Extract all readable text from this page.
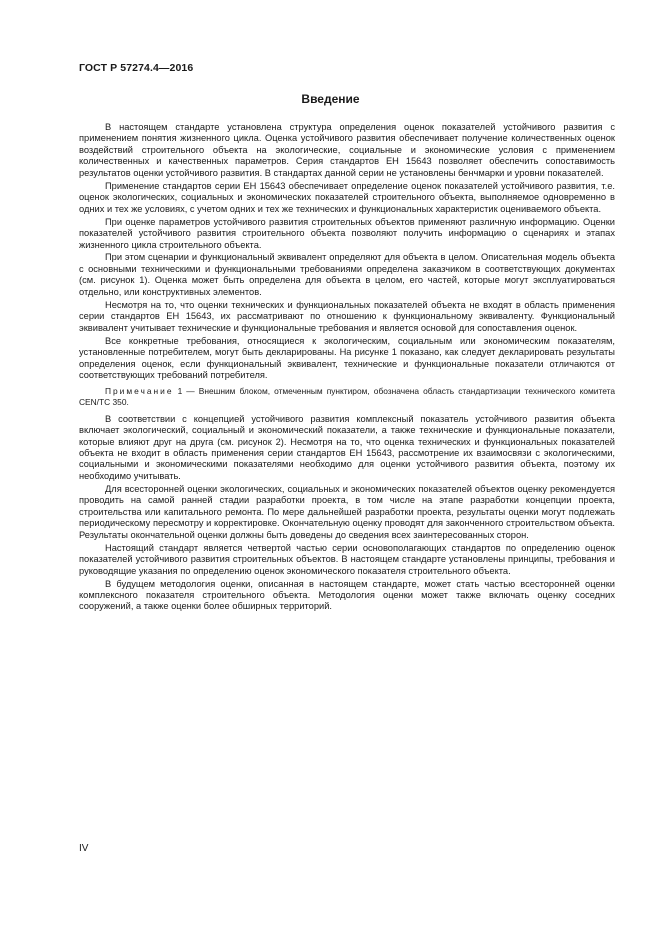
ГОСТ Р 57274.4—2016
Введение

В настоящем стандарте установлена структура определения оценок показателей устойчивого развития с применением понятия жизненного цикла. Оценка устойчивого развития обеспечивает получение количественных оценок воздействий строительного объекта на экологические, социальные и экономические условия с применением количественных и качественных параметров. Серия стандартов ЕН 15643 позволяет обеспечить сопоставимость результатов оценки устойчивого развития. В стандартах данной серии не установлены бенчмарки и уровни показателей.

Применение стандартов серии ЕН 15643 обеспечивает определение оценок показателей устойчивого развития, т.е. оценок экологических, социальных и экономических показателей строительного объекта, выполняемое одновременно в одних и тех же условиях, с учетом одних и тех же технических и функциональных характеристик оцениваемого объекта.

При оценке параметров устойчивого развития строительных объектов применяют различную информацию. Оценки показателей устойчивого развития строительного объекта позволяют получить информацию о сценариях и этапах жизненного цикла строительного объекта.

При этом сценарии и функциональный эквивалент определяют для объекта в целом. Описательная модель объекта с основными техническими и функциональными требованиями определена заказчиком в соответствующих документах (см. рисунок 1). Оценка может быть определена для объекта в целом, его частей, которые могут эксплуатироваться отдельно, или конструктивных элементов.

Несмотря на то, что оценки технических и функциональных показателей объекта не входят в область применения серии стандартов ЕН 15643, их рассматривают по отношению к функциональному эквиваленту. Функциональный эквивалент учитывает технические и функциональные требования и является основой для сопоставления оценок.

Все конкретные требования, относящиеся к экологическим, социальным или экономическим показателям, установленные потребителем, могут быть декларированы. На рисунке 1 показано, как следует декларировать результаты определения оценок, если функциональный эквивалент, технические и функциональные показатели отличаются от соответствующих требований потребителя.

Примечание 1 — Внешним блоком, отмеченным пунктиром, обозначена область стандартизации технического комитета CEN/TC 350.

В соответствии с концепцией устойчивого развития комплексный показатель устойчивого развития объекта включает экологический, социальный и экономический показатели, а также технические и функциональные показатели, которые влияют друг на друга (см. рисунок 2). Несмотря на то, что оценка технических и функциональных показателей объекта не входит в область применения серии стандартов ЕН 15643, рассмотрение их взаимосвязи с экологическими, социальными и экономическими показателями необходимо для оценки устойчивого развития объекта, поэтому их необходимо учитывать.

Для всесторонней оценки экологических, социальных и экономических показателей объектов оценку рекомендуется проводить на самой ранней стадии разработки проекта, в том числе на этапе разработки концепции проекта, строительства или капитального ремонта. По мере дальнейшей разработки проекта, результаты оценки могут подлежать периодическому пересмотру и корректировке. Окончательную оценку проводят для законченного строительством объекта. Результаты окончательной оценки должны быть доведены до сведения всех заинтересованных сторон.

Настоящий стандарт является четвертой частью серии основополагающих стандартов по определению оценок показателей устойчивого развития строительных объектов. В настоящем стандарте установлены принципы, требования и руководящие указания по определению оценок экономического показателя строительного объекта.

В будущем методология оценки, описанная в настоящем стандарте, может стать частью всесторонней оценки комплексного показателя строительного объекта. Методология оценки может также включать оценку соседних сооружений, а также оценки более обширных территорий.

IV
